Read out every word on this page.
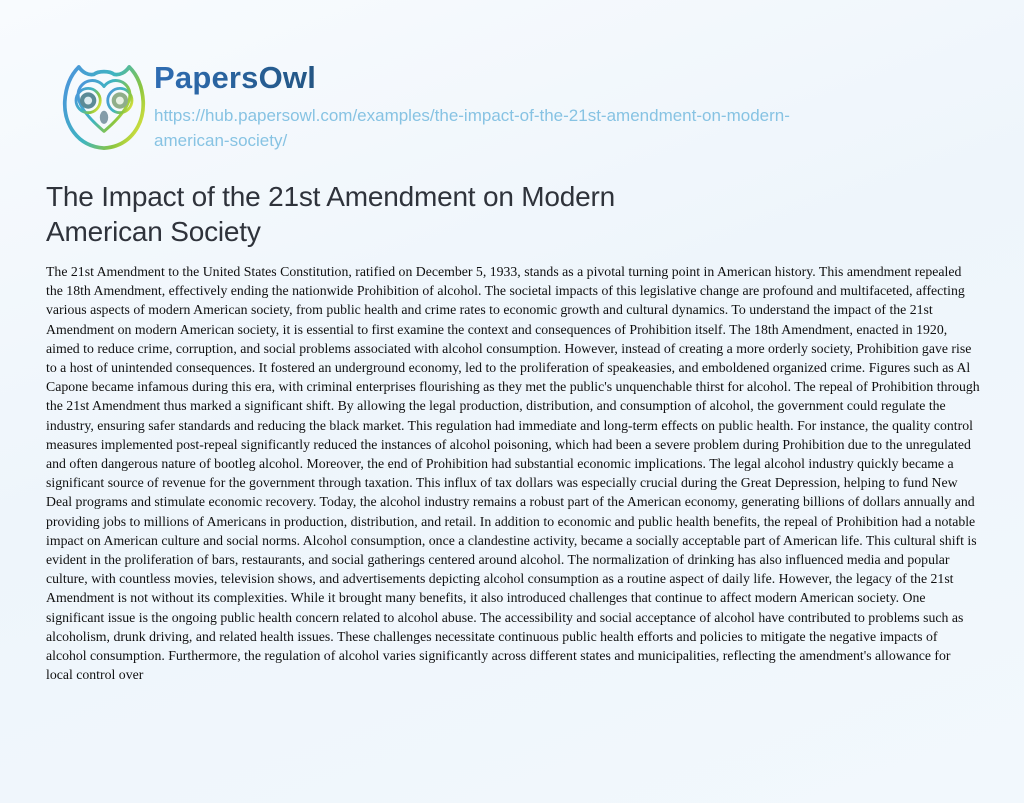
PapersOwl
https://hub.papersowl.com/examples/the-impact-of-the-21st-amendment-on-modern-american-society/
The Impact of the 21st Amendment on Modern American Society

The 21st Amendment to the United States Constitution, ratified on December 5, 1933, stands as a pivotal turning point in American history. This amendment repealed the 18th Amendment, effectively ending the nationwide Prohibition of alcohol. The societal impacts of this legislative change are profound and multifaceted, affecting various aspects of modern American society, from public health and crime rates to economic growth and cultural dynamics. To understand the impact of the 21st Amendment on modern American society, it is essential to first examine the context and consequences of Prohibition itself. The 18th Amendment, enacted in 1920, aimed to reduce crime, corruption, and social problems associated with alcohol consumption. However, instead of creating a more orderly society, Prohibition gave rise to a host of unintended consequences. It fostered an underground economy, led to the proliferation of speakeasies, and emboldened organized crime. Figures such as Al Capone became infamous during this era, with criminal enterprises flourishing as they met the public's unquenchable thirst for alcohol. The repeal of Prohibition through the 21st Amendment thus marked a significant shift. By allowing the legal production, distribution, and consumption of alcohol, the government could regulate the industry, ensuring safer standards and reducing the black market. This regulation had immediate and long-term effects on public health. For instance, the quality control measures implemented post-repeal significantly reduced the instances of alcohol poisoning, which had been a severe problem during Prohibition due to the unregulated and often dangerous nature of bootleg alcohol. Moreover, the end of Prohibition had substantial economic implications. The legal alcohol industry quickly became a significant source of revenue for the government through taxation. This influx of tax dollars was especially crucial during the Great Depression, helping to fund New Deal programs and stimulate economic recovery. Today, the alcohol industry remains a robust part of the American economy, generating billions of dollars annually and providing jobs to millions of Americans in production, distribution, and retail. In addition to economic and public health benefits, the repeal of Prohibition had a notable impact on American culture and social norms. Alcohol consumption, once a clandestine activity, became a socially acceptable part of American life. This cultural shift is evident in the proliferation of bars, restaurants, and social gatherings centered around alcohol. The normalization of drinking has also influenced media and popular culture, with countless movies, television shows, and advertisements depicting alcohol consumption as a routine aspect of daily life. However, the legacy of the 21st Amendment is not without its complexities. While it brought many benefits, it also introduced challenges that continue to affect modern American society. One significant issue is the ongoing public health concern related to alcohol abuse. The accessibility and social acceptance of alcohol have contributed to problems such as alcoholism, drunk driving, and related health issues. These challenges necessitate continuous public health efforts and policies to mitigate the negative impacts of alcohol consumption. Furthermore, the regulation of alcohol varies significantly across different states and municipalities, reflecting the amendment's allowance for local control over
